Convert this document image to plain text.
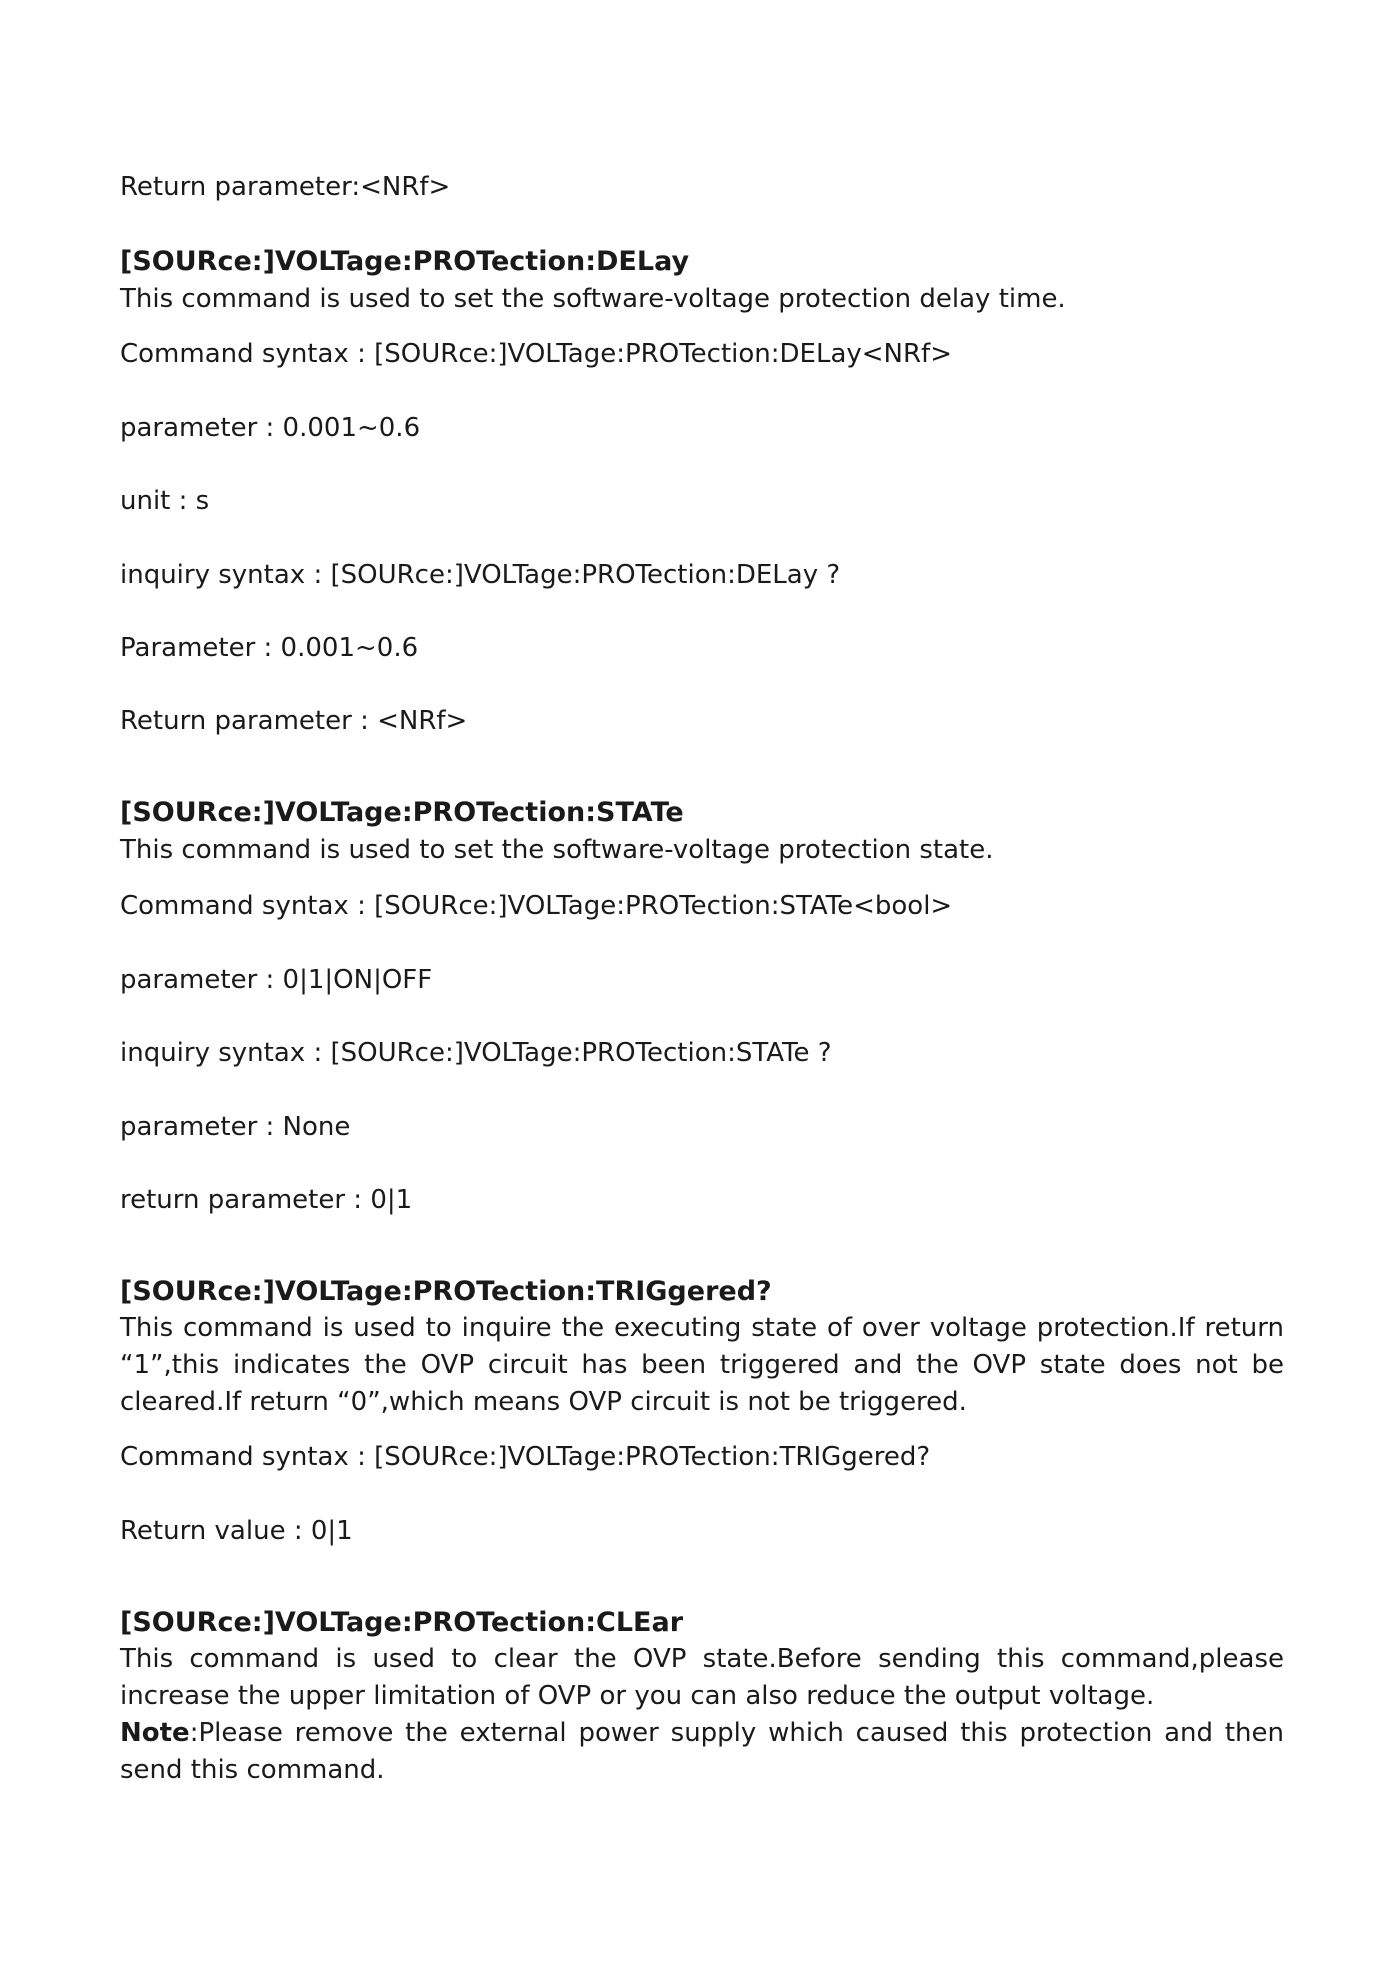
Return parameter:<NRf>
[SOURce:]VOLTage:PROTection:DELay
This command is used to set the software-voltage protection delay time.
Command syntax : [SOURce:]VOLTage:PROTection:DELay<NRf>
parameter : 0.001~0.6
unit : s
inquiry syntax : [SOURce:]VOLTage:PROTection:DELay ?
Parameter : 0.001~0.6
Return parameter : <NRf>
[SOURce:]VOLTage:PROTection:STATe
This command is used to set the software-voltage protection state.
Command syntax : [SOURce:]VOLTage:PROTection:STATe<bool>
parameter : 0|1|ON|OFF
inquiry syntax : [SOURce:]VOLTage:PROTection:STATe ?
parameter : None
return parameter : 0|1
[SOURce:]VOLTage:PROTection:TRIGgered?
This command is used to inquire the executing state of over voltage protection.If return “1”,this indicates the OVP circuit has been triggered and the OVP state does not be cleared.If return “0”,which means OVP circuit is not be triggered.
Command syntax : [SOURce:]VOLTage:PROTection:TRIGgered?
Return value : 0|1
[SOURce:]VOLTage:PROTection:CLEar
This command is used to clear the OVP state.Before sending this command,please increase the upper limitation of OVP or you can also reduce the output voltage.
Note:Please remove the external power supply which caused this protection and then send this command.
